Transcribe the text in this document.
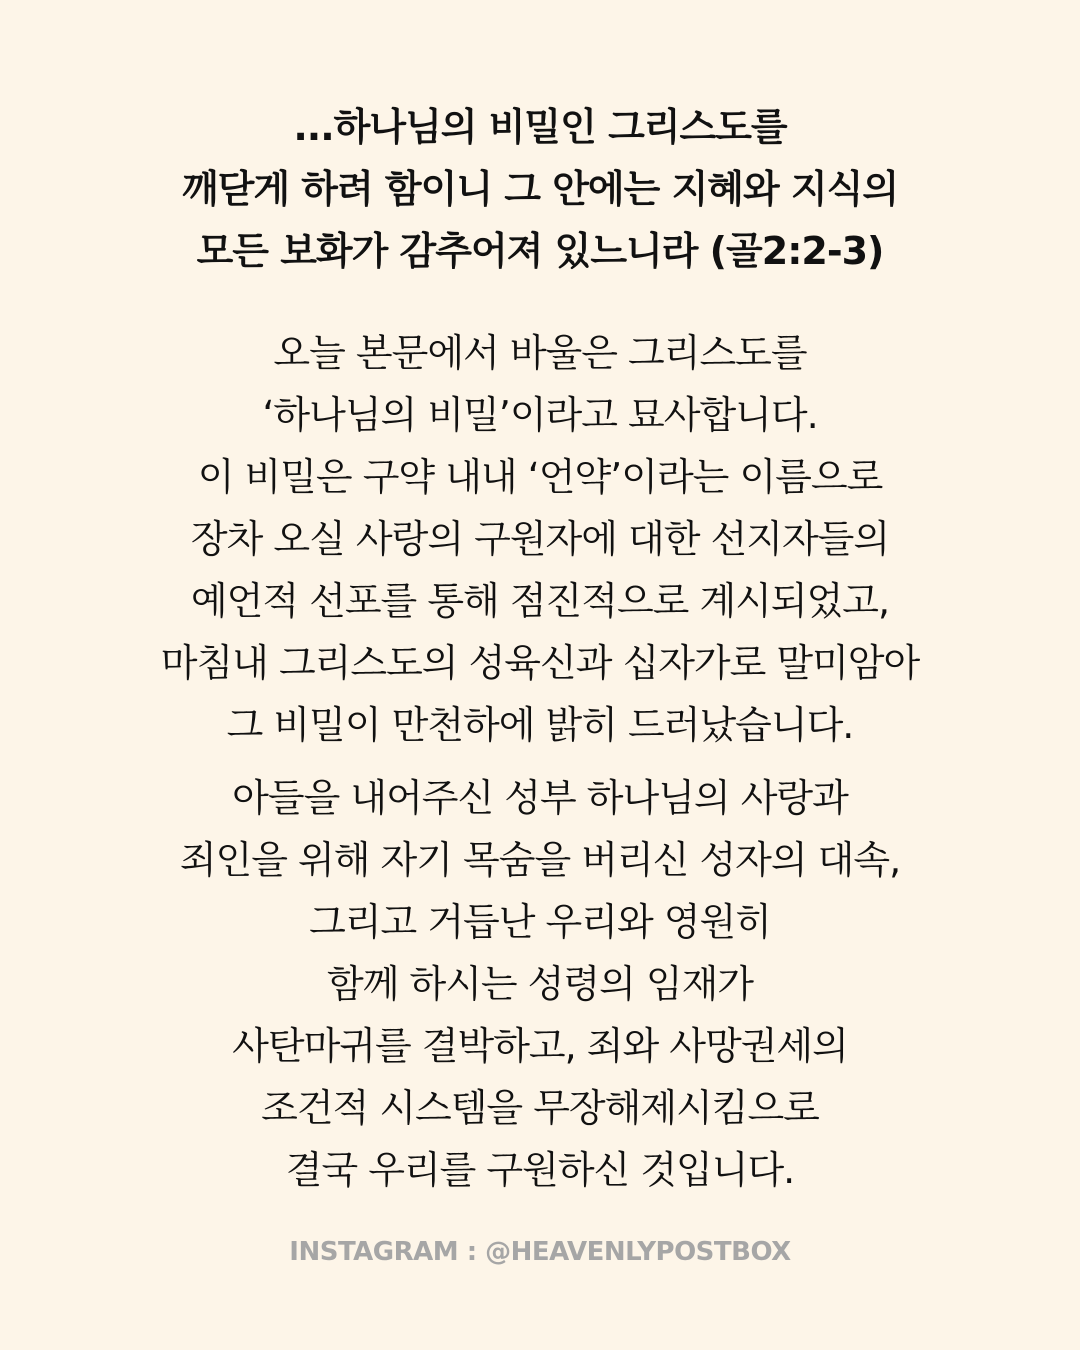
...하나님의 비밀인 그리스도를
깨닫게 하려 함이니 그 안에는 지혜와 지식의
모든 보화가 감추어져 있느니라 (골2:2-3)
오늘 본문에서 바울은 그리스도를
‘하나님의 비밀’이라고 묘사합니다.
이 비밀은 구약 내내 ‘언약’이라는 이름으로
장차 오실 사랑의 구원자에 대한 선지자들의
예언적 선포를 통해 점진적으로 계시되었고,
마침내 그리스도의 성육신과 십자가로 말미암아
그 비밀이 만천하에 밝히 드러났습니다.
아들을 내어주신 성부 하나님의 사랑과
죄인을 위해 자기 목숨을 버리신 성자의 대속,
그리고 거듭난 우리와 영원히
함께 하시는 성령의 임재가
사탄마귀를 결박하고, 죄와 사망권세의
조건적 시스템을 무장해제시킴으로
결국 우리를 구원하신 것입니다.
INSTAGRAM : @HEAVENLYPOSTBOX
